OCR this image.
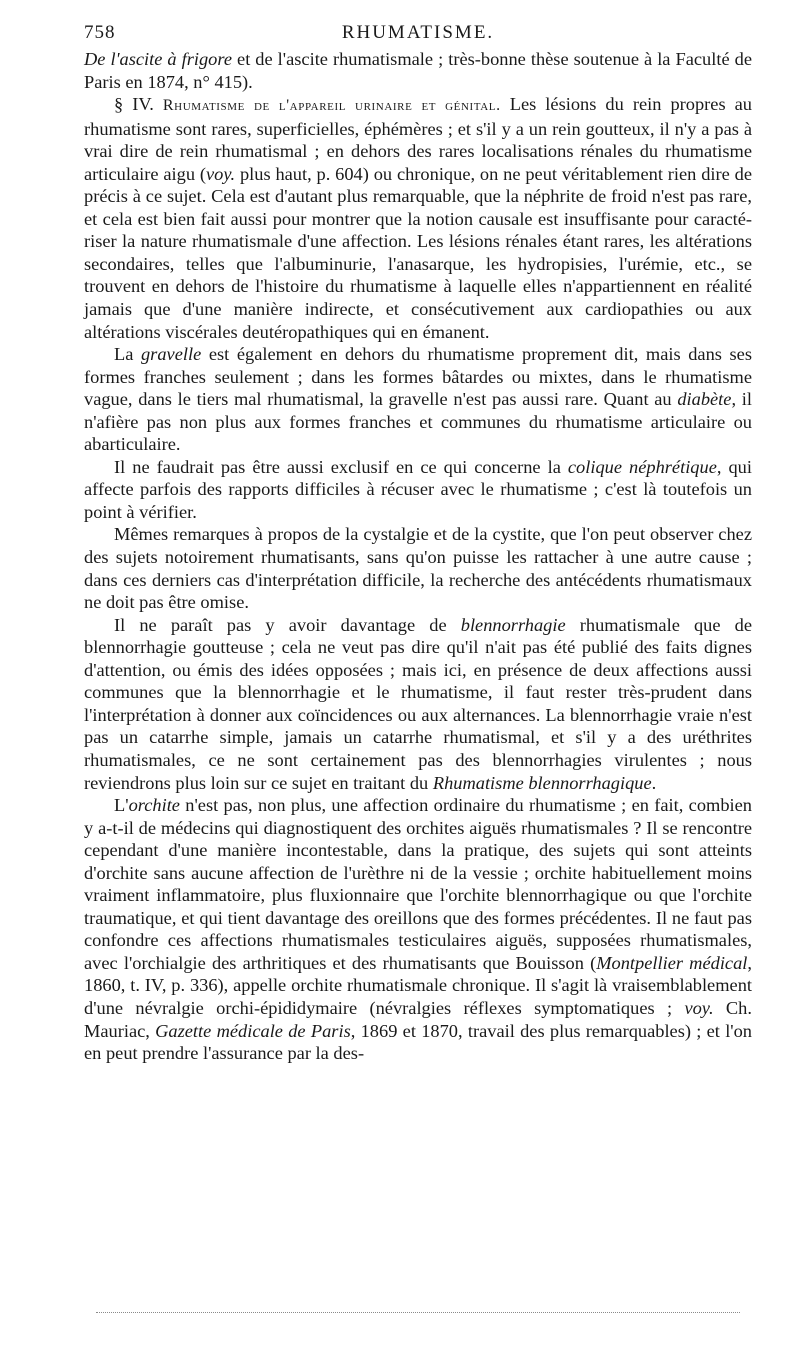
758	RHUMATISME.

De l'ascite à frigore et de l'ascite rhumatismale ; très-bonne thèse soutenue à la Faculté de Paris en 1874, n° 415).

§ IV. Rhumatisme de l'appareil urinaire et génital. Les lésions du rein propres au rhumatisme sont rares, superficielles, éphémères ; et s'il y a un rein goutteux, il n'y a pas à vrai dire de rein rhumatismal ; en dehors des rares localisations rénales du rhumatisme articulaire aigu (voy. plus haut, p. 604) ou chronique, on ne peut véritablement rien dire de précis à ce sujet. Cela est d'autant plus remarquable, que la néphrite de froid n'est pas rare, et cela est bien fait aussi pour montrer que la notion causale est insuffisante pour caractériser la nature rhumatismale d'une affection. Les lésions rénales étant rares, les altérations secondaires, telles que l'albuminurie, l'anasarque, les hydropisies, l'urémie, etc., se trouvent en dehors de l'histoire du rhumatisme à laquelle elles n'appartiennent en réalité jamais que d'une manière indirecte, et consécutivement aux cardiopathies ou aux altérations viscérales deutéropathiques qui en émanent.

La gravelle est également en dehors du rhumatisme proprement dit, mais dans ses formes franches seulement ; dans les formes bâtardes ou mixtes, dans le rhumatisme vague, dans le tiers mal rhumatismal, la gravelle n'est pas aussi rare. Quant au diabète, il n'afière pas non plus aux formes franches et communes du rhumatisme articulaire ou abarticulaire.

Il ne faudrait pas être aussi exclusif en ce qui concerne la colique néphrétique, qui affecte parfois des rapports difficiles à récuser avec le rhumatisme ; c'est là toutefois un point à vérifier.

Mêmes remarques à propos de la cystalgie et de la cystite, que l'on peut observer chez des sujets notoirement rhumatisants, sans qu'on puisse les rattacher à une autre cause ; dans ces derniers cas d'interprétation difficile, la recherche des antécédents rhumatismaux ne doit pas être omise.

Il ne paraît pas y avoir davantage de blennorrhagie rhumatismale que de blennorrhagie goutteuse ; cela ne veut pas dire qu'il n'ait pas été publié des faits dignes d'attention, ou émis des idées opposées ; mais ici, en présence de deux affections aussi communes que la blennorrhagie et le rhumatisme, il faut rester très-prudent dans l'interprétation à donner aux coïncidences ou aux alternances. La blennorrhagie vraie n'est pas un catarrhe simple, jamais un catarrhe rhumatismal, et s'il y a des uréthrites rhumatismales, ce ne sont certainement pas des blennorrhagies virulentes ; nous reviendrons plus loin sur ce sujet en traitant du Rhumatisme blennorrhagique.

L'orchite n'est pas, non plus, une affection ordinaire du rhumatisme ; en fait, combien y a-t-il de médecins qui diagnostiquent des orchites aiguës rhumatismales ? Il se rencontre cependant d'une manière incontestable, dans la pratique, des sujets qui sont atteints d'orchite sans aucune affection de l'urèthre ni de la vessie ; orchite habituellement moins vraiment inflammatoire, plus fluxionnaire que l'orchite blennorrhagique ou que l'orchite traumatique, et qui tient davantage des oreillons que des formes précédentes. Il ne faut pas confondre ces affections rhumatismales testiculaires aiguës, supposées rhumatismales, avec l'orchialgie des arthritiques et des rhumatisants que Bouisson (Montpellier médical, 1860, t. IV, p. 336), appelle orchite rhumatismale chronique. Il s'agit là vraisemblablement d'une névralgie orchi-épididymaire (névralgies réflexes symptomatiques ; voy. Ch. Mauriac, Gazette médicale de Paris, 1869 et 1870, travail des plus remarquables) ; et l'on en peut prendre l'assurance par la des-
